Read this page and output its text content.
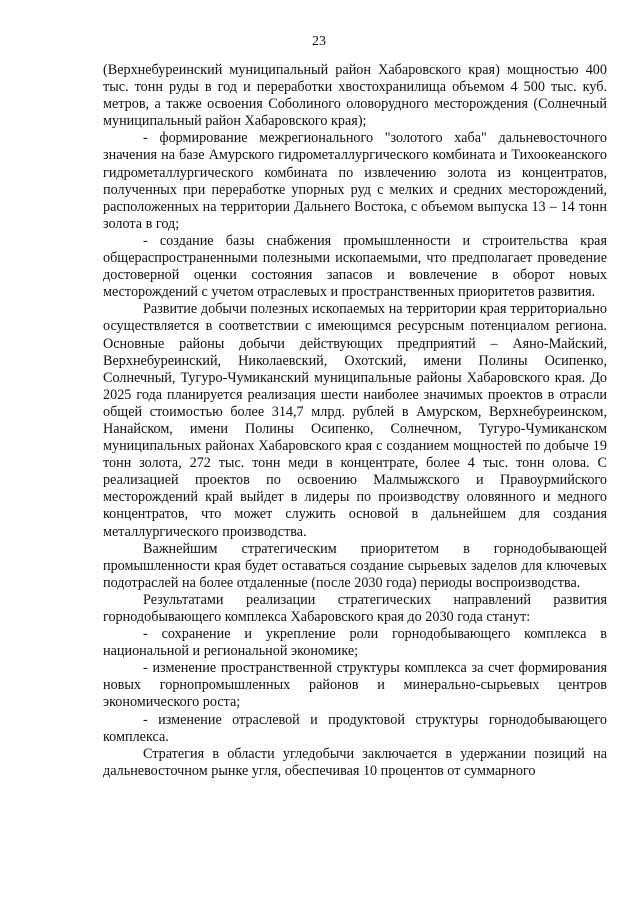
23

(Верхнебуреинский муниципальный район Хабаровского края) мощностью 400 тыс. тонн руды в год и переработки хвостохранилища объемом 4 500 тыс. куб. метров, а также освоения Соболиного оловорудного месторождения (Солнечный муниципальный район Хабаровского края);

- формирование межрегионального "золотого хаба" дальневосточного значения на базе Амурского гидрометаллургического комбината и Тихоокеанского гидрометаллургического комбината по извлечению золота из концентратов, полученных при переработке упорных руд с мелких и средних месторождений, расположенных на территории Дальнего Востока, с объемом выпуска 13 – 14 тонн золота в год;

- создание базы снабжения промышленности и строительства края общераспространенными полезными ископаемыми, что предполагает проведение достоверной оценки состояния запасов и вовлечение в оборот новых месторождений с учетом отраслевых и пространственных приоритетов развития.

Развитие добычи полезных ископаемых на территории края территориально осуществляется в соответствии с имеющимся ресурсным потенциалом региона. Основные районы добычи действующих предприятий – Аяно-Майский, Верхнебуреинский, Николаевский, Охотский, имени Полины Осипенко, Солнечный, Тугуро-Чумиканский муниципальные районы Хабаровского края. До 2025 года планируется реализация шести наиболее значимых проектов в отрасли общей стоимостью более 314,7 млрд. рублей в Амурском, Верхнебуреинском, Нанайском, имени Полины Осипенко, Солнечном, Тугуро-Чумиканском муниципальных районах Хабаровского края с созданием мощностей по добыче 19 тонн золота, 272 тыс. тонн меди в концентрате, более 4 тыс. тонн олова. С реализацией проектов по освоению Малмыжского и Правоурмийского месторождений край выйдет в лидеры по производству оловянного и медного концентратов, что может служить основой в дальнейшем для создания металлургического производства.

Важнейшим стратегическим приоритетом в горнодобывающей промышленности края будет оставаться создание сырьевых заделов для ключевых подотраслей на более отдаленные (после 2030 года) периоды воспроизводства.

Результатами реализации стратегических направлений развития горнодобывающего комплекса Хабаровского края до 2030 года станут:

- сохранение и укрепление роли горнодобывающего комплекса в национальной и региональной экономике;

- изменение пространственной структуры комплекса за счет формирования новых горнопромышленных районов и минерально-сырьевых центров экономического роста;

- изменение отраслевой и продуктовой структуры горнодобывающего комплекса.

Стратегия в области угледобычи заключается в удержании позиций на дальневосточном рынке угля, обеспечивая 10 процентов от суммарного
